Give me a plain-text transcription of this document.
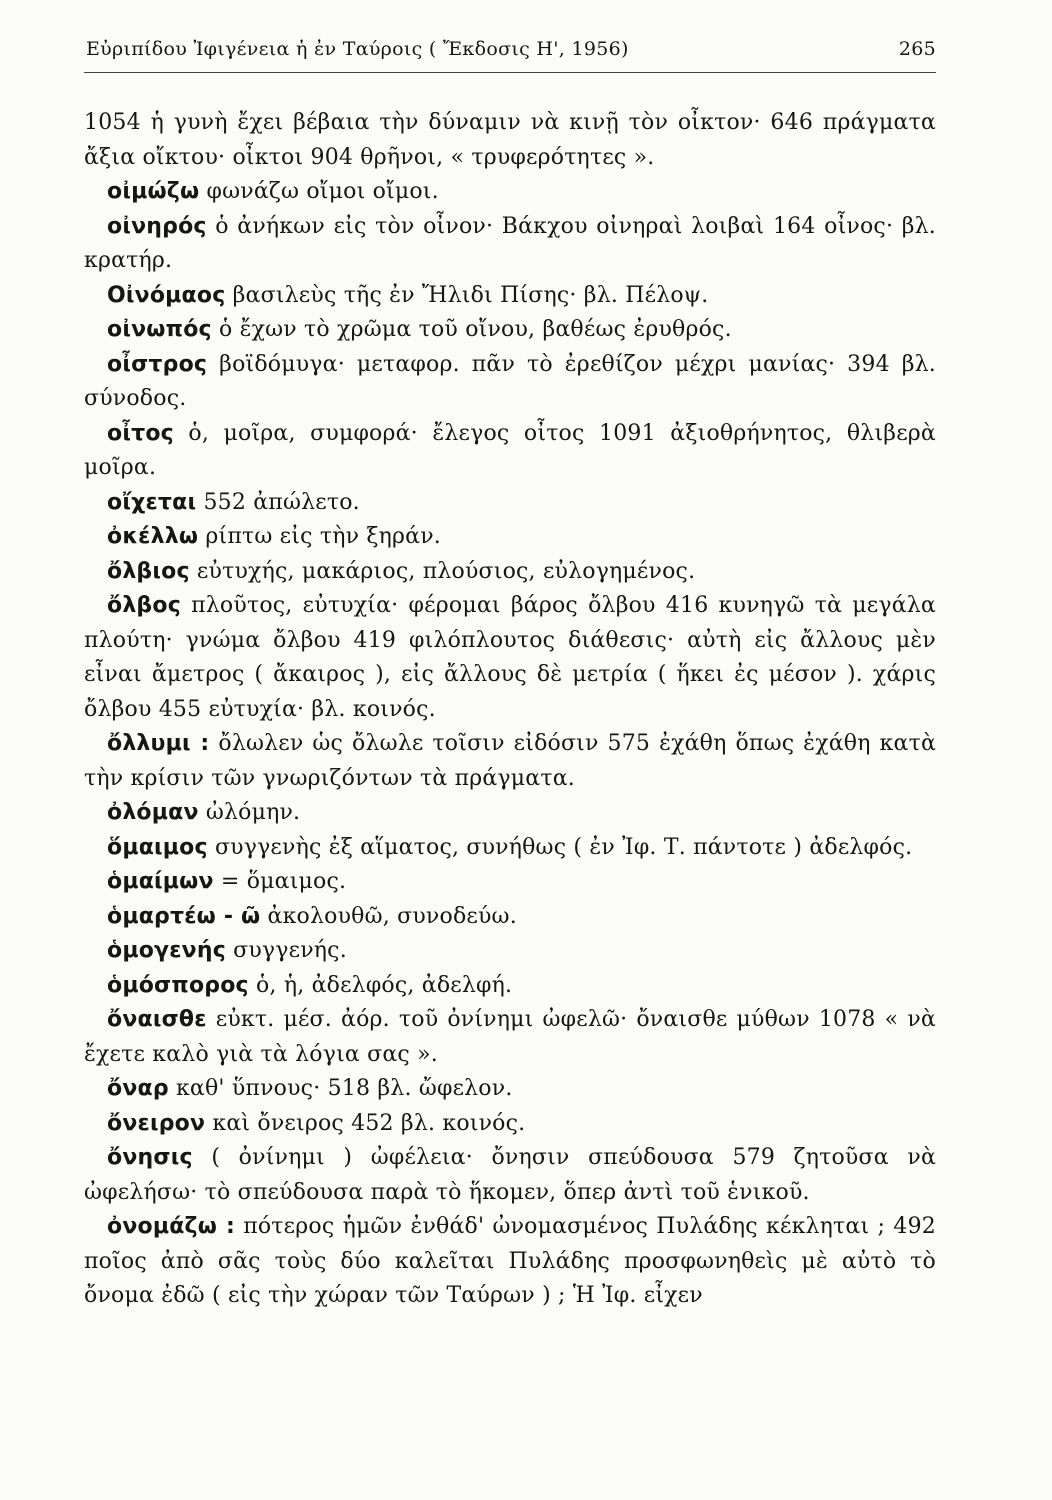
Εὐριπίδου Ἰφιγένεια ἡ ἐν Ταύροις ( Ἔκδοσις Η', 1956)	265

1054 ἡ γυνὴ ἔχει βέβαια τὴν δύναμιν νὰ κινῇ τὸν οἶκτον· 646 πράγματα ἄξια οἴκτου· οἶκτοι 904 θρῆνοι, « τρυφερότητες ».

οἰμώζω φωνάζω οἴμοι οἴμοι.

οἰνηρός ὁ ἀνήκων εἰς τὸν οἶνον· Βάκχου οἰνηραὶ λοιβαὶ 164 οἶνος· βλ. κρατήρ.

Οἰνόμαος βασιλεὺς τῆς ἐν Ἤλιδι Πίσης· βλ. Πέλοψ.

οἰνωπός ὁ ἔχων τὸ χρῶμα τοῦ οἴνου, βαθέως ἐρυθρός.

οἶστρος βοϊδόμυγα· μεταφορ. πᾶν τὸ ἐρεθίζον μέχρι μανίας· 394 βλ. σύνοδος.

οἶτος ὁ, μοῖρα, συμφορά· ἔλεγος οἶτος 1091 ἀξιοθρήνητος, θλιβερὰ μοῖρα.

οἴχεται 552 ἀπώλετο.

ὀκέλλω ρίπτω εἰς τὴν ξηράν.

ὄλβιος εὐτυχής, μακάριος, πλούσιος, εὐλογημένος.

ὄλβος πλοῦτος, εὐτυχία· φέρομαι βάρος ὄλβου 416 κυνηγῶ τὰ μεγάλα πλούτη· γνώμα ὄλβου 419 φιλόπλουτος διάθεσις· αὐτὴ εἰς ἄλλους μὲν εἶναι ἄμετρος ( ἄκαιρος ), εἰς ἄλλους δὲ μετρία ( ἥκει ἐς μέσον ). χάρις ὄλβου 455 εὐτυχία· βλ. κοινός.

ὄλλυμι : ὄλωλεν ὡς ὄλωλε τοῖσιν εἰδόσιν 575 ἐχάθη ὅπως ἐχάθη κατὰ τὴν κρίσιν τῶν γνωριζόντων τὰ πράγματα.

ὀλόμαν ὠλόμην.

ὅμαιμος συγγενὴς ἐξ αἵματος, συνήθως ( ἐν Ἰφ. Τ. πάντοτε ) ἀδελφός.

ὁμαίμων = ὅμαιμος.

ὁμαρτέω - ῶ ἀκολουθῶ, συνοδεύω.

ὁμογενής συγγενής.

ὁμόσπορος ὁ, ἡ, ἀδελφός, ἀδελφή.

ὄναισθε εὐκτ. μέσ. ἀόρ. τοῦ ὀνίνημι ὠφελῶ· ὄναισθε μύθων 1078 « νὰ ἔχετε καλὸ γιὰ τὰ λόγια σας ».

ὄναρ καθ' ὕπνους· 518 βλ. ὤφελον.

ὄνειρον καὶ ὄνειρος 452 βλ. κοινός.

ὄνησις ( ὀνίνημι ) ὠφέλεια· ὄνησιν σπεύδουσα 579 ζητοῦσα νὰ ὠφελήσω· τὸ σπεύδουσα παρὰ τὸ ἥκομεν, ὅπερ ἀντὶ τοῦ ἑνικοῦ.

ὀνομάζω : πότερος ἡμῶν ἐνθάδ' ὠνομασμένος Πυλάδης κέκληται ; 492 ποῖος ἀπὸ σᾶς τοὺς δύο καλεῖται Πυλάδης προσφωνηθεὶς μὲ αὐτὸ τὸ ὄνομα ἐδῶ ( εἰς τὴν χώραν τῶν Ταύρων ) ; Ἡ Ἰφ. εἶχεν
